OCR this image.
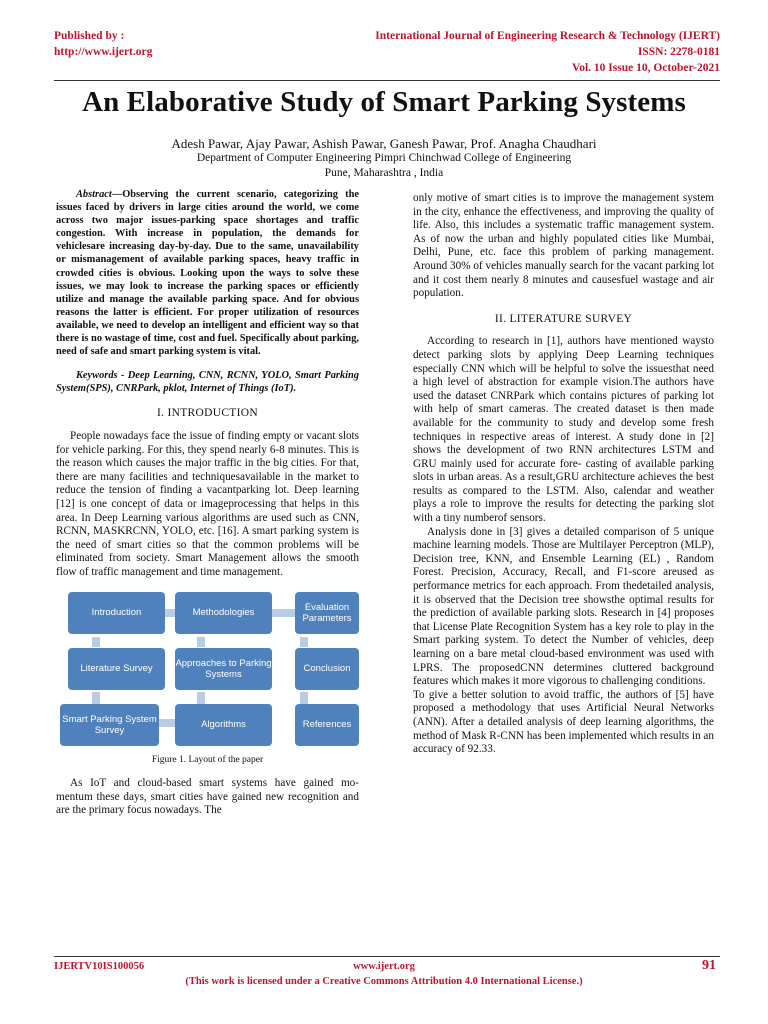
Published by :
http://www.ijert.org
International Journal of Engineering Research & Technology (IJERT)
ISSN: 2278-0181
Vol. 10 Issue 10, October-2021
An Elaborative Study of Smart Parking Systems
Adesh Pawar, Ajay Pawar, Ashish Pawar, Ganesh Pawar, Prof. Anagha Chaudhari
Department of Computer Engineering Pimpri Chinchwad College of Engineering
Pune, Maharashtra , India

Abstract—Observing the current scenario, categorizing the issues faced by drivers in large cities around the world, we come across two major issues-parking space shortages and traffic congestion. With increase in population, the demands for vehiclesare increasing day-by-day. Due to the same, unavailability or mismanagement of available parking spaces, heavy traffic in crowded cities is obvious. Looking upon the ways to solve these issues, we may look to increase the parking spaces or efficiently utilize and manage the available parking space. And for obvious reasons the latter is efficient. For proper utilization of resources available, we need to develop an intelligent and efficient way so that there is no wastage of time, cost and fuel. Specifically about parking, need of safe and smart parking system is vital.

Keywords - Deep Learning, CNN, RCNN, YOLO, Smart Parking System(SPS), CNRPark, pklot, Internet of Things (IoT).

I. INTRODUCTION

People nowadays face the issue of finding empty or vacant slots for vehicle parking. For this, they spend nearly 6-8 minutes. This is the reason which causes the major traffic in the big cities. For that, there are many facilities and techniquesavailable in the market to reduce the tension of finding a vacantparking lot. Deep learning [12] is one concept of data or imageprocessing that helps in this area. In Deep Learning various algorithms are used such as CNN, RCNN, MASKRCNN, YOLO, etc. [16]. A smart parking system is the need of smart cities so that the common problems will be eliminated from society. Smart Management allows the smooth flow of traffic management and time management.

Introduction	Methodologies	Evaluation Parameters
Literature Survey	Approaches to Parking Systems	Conclusion
Smart Parking System Survey	Algorithms	References

Figure 1. Layout of the paper

As IoT and cloud-based smart systems have gained mo- mentum these days, smart cities have gained new recognition and are the primary focus nowadays. The

only motive of smart cities is to improve the management system in the city, enhance the effectiveness, and improving the quality of life. Also, this includes a systematic traffic management system. As of now the urban and highly populated cities like Mumbai, Delhi, Pune, etc. face this problem of parking management. Around 30% of vehicles manually search for the vacant parking lot and it cost them nearly 8 minutes and causesfuel wastage and air population.

II. LITERATURE SURVEY

According to research in [1], authors have mentioned waysto detect parking slots by applying Deep Learning techniques especially CNN which will be helpful to solve the issuesthat need a high level of abstraction for example vision.The authors have used the dataset CNRPark which contains pictures of parking lot with help of smart cameras. The created dataset is then made available for the community to study and develop some fresh techniques in respective areas of interest. A study done in [2] shows the development of two RNN architectures LSTM and GRU mainly used for accurate fore- casting of available parking slots in urban areas. As a result,GRU architecture achieves the best results as compared to the LSTM. Also, calendar and weather plays a role to improve the results for detecting the parking slot with a tiny numberof sensors.

Analysis done in [3] gives a detailed comparison of 5 unique machine learning models. Those are Multilayer Perceptron (MLP), Decision tree, KNN, and Ensemble Learning (EL) , Random Forest. Precision, Accuracy, Recall, and F1-score areused as performance metrics for each approach. From thedetailed analysis, it is observed that the Decision tree showsthe optimal results for the prediction of available parking slots. Research in [4] proposes that License Plate Recognition System has a key role to play in the Smart parking system. To detect the Number of vehicles, deep learning on a bare metal cloud-based environment was used with LPRS. The proposedCNN determines cluttered background features which makes it more vigorous to challenging conditions.

To give a better solution to avoid traffic, the authors of [5] have proposed a methodology that uses Artificial Neural Networks (ANN). After a detailed analysis of deep learning algorithms, the method of Mask R-CNN has been implemented which results in an accuracy of 92.33.

IJERTV10IS100056	www.ijert.org	91
(This work is licensed under a Creative Commons Attribution 4.0 International License.)
